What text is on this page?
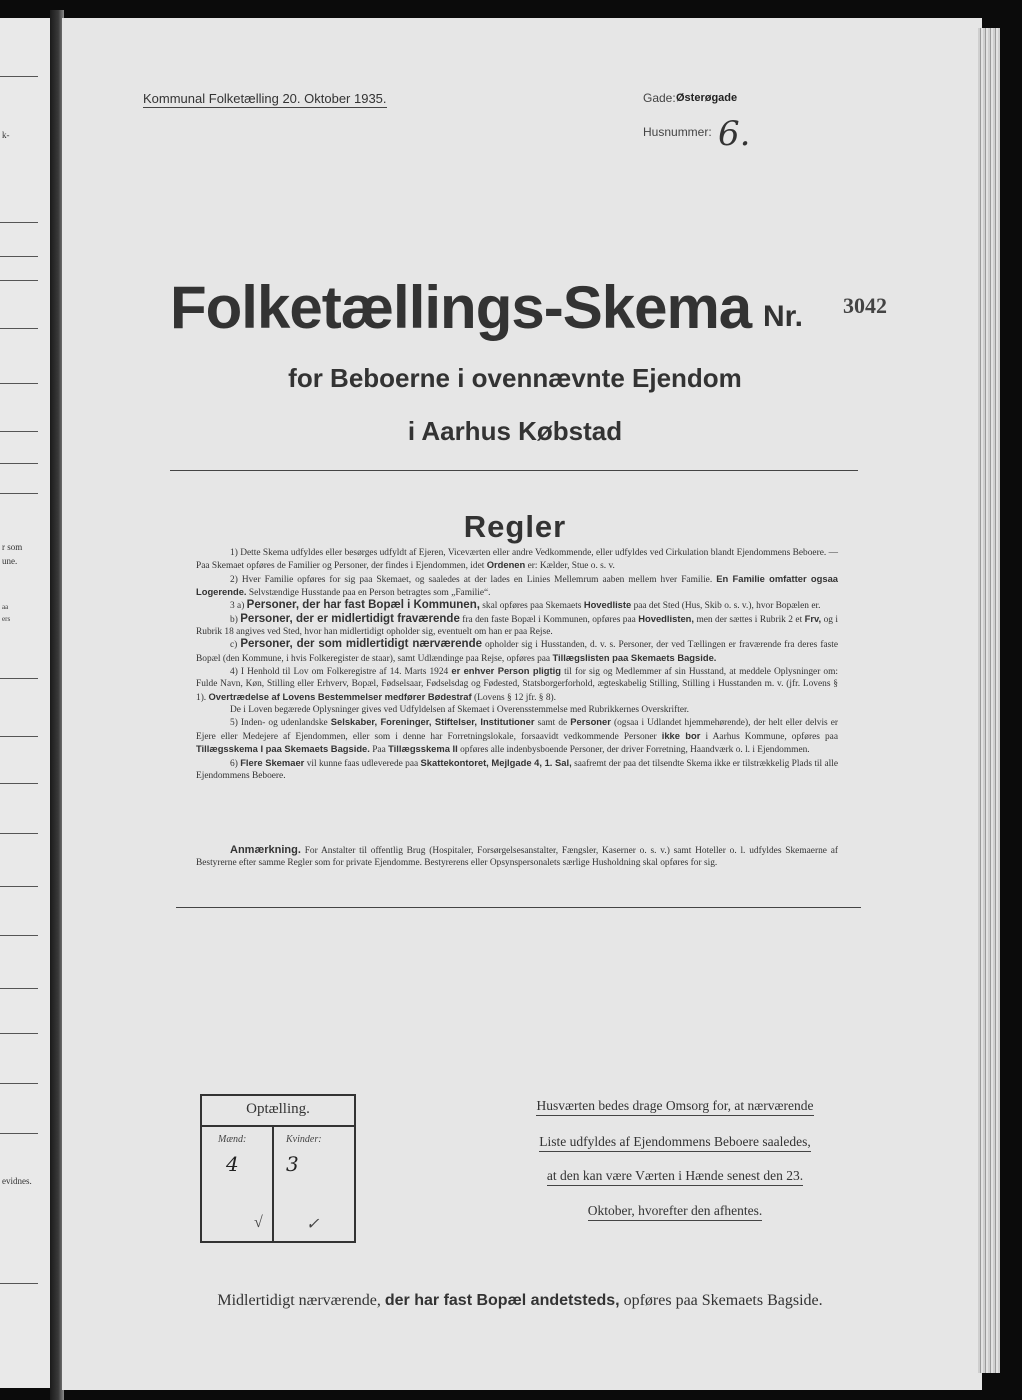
k-
r som
une.
aa
ers
evidnes.
Kommunal Folketælling 20. Oktober 1935.	Gade: Østerøgade
Husnummer: 6.
Folketællings-Skema Nr. 3042
for Beboerne i ovennævnte Ejendom
i Aarhus Købstad
Regler

1) Dette Skema udfyldes eller besørges udfyldt af Ejeren, Viceværten eller andre Vedkommende, eller udfyldes ved Cirkulation blandt Ejendommens Beboere. — Paa Skemaet opføres de Familier og Personer, der findes i Ejendommen, idet Ordenen er: Kælder, Stue o. s. v.

2) Hver Familie opføres for sig paa Skemaet, og saaledes at der lades en Linies Mellemrum aaben mellem hver Familie. En Familie omfatter ogsaa Logerende. Selvstændige Husstande paa en Person betragtes som „Familie“.

3 a) Personer, der har fast Bopæl i Kommunen, skal opføres paa Skemaets Hovedliste paa det Sted (Hus, Skib o. s. v.), hvor Bopælen er.

b) Personer, der er midlertidigt fraværende fra den faste Bopæl i Kommunen, opføres paa Hovedlisten, men der sættes i Rubrik 2 et Frv, og i Rubrik 18 angives ved Sted, hvor han midlertidigt opholder sig, eventuelt om han er paa Rejse.

c) Personer, der som midlertidigt nærværende opholder sig i Husstanden, d. v. s. Personer, der ved Tællingen er fraværende fra deres faste Bopæl (den Kommune, i hvis Folkeregister de staar), samt Udlændinge paa Rejse, opføres paa Tillægslisten paa Skemaets Bagside.

4) I Henhold til Lov om Folkeregistre af 14. Marts 1924 er enhver Person pligtig til for sig og Medlemmer af sin Husstand, at meddele Oplysninger om: Fulde Navn, Køn, Stilling eller Erhverv, Bopæl, Fødselsaar, Fødselsdag og Fødested, Statsborgerforhold, ægteskabelig Stilling, Stilling i Husstanden m. v. (jfr. Lovens § 1). Overtrædelse af Lovens Bestemmelser medfører Bødestraf (Lovens § 12 jfr. § 8).

De i Loven begærede Oplysninger gives ved Udfyldelsen af Skemaet i Overensstemmelse med Rubrikkernes Overskrifter.

5) Inden- og udenlandske Selskaber, Foreninger, Stiftelser, Institutioner samt de Personer (ogsaa i Udlandet hjemmehørende), der helt eller delvis er Ejere eller Medejere af Ejendommen, eller som i denne har Forretningslokale, forsaavidt vedkommende Personer ikke bor i Aarhus Kommune, opføres paa Tillægsskema I paa Skemaets Bagside. Paa Tillægsskema II opføres alle indenbysboende Personer, der driver Forretning, Haandværk o. l. i Ejendommen.

6) Flere Skemaer vil kunne faas udleverede paa Skattekontoret, Mejlgade 4, 1. Sal, saafremt der paa det tilsendte Skema ikke er tilstrækkelig Plads til alle Ejendommens Beboere.

Anmærkning. For Anstalter til offentlig Brug (Hospitaler, Forsørgelsesanstalter, Fængsler, Kaserner o. s. v.) samt Hoteller o. l. udfyldes Skemaerne af Bestyrerne efter samme Regler som for private Ejendomme. Bestyrerens eller Opsynspersonalets særlige Husholdning skal opføres for sig.

Optælling.
Mænd:	Kvinder:
4 3
√	✓
Husværten bedes drage Omsorg for, at nærværende
Liste udfyldes af Ejendommens Beboere saaledes,
at den kan være Værten i Hænde senest den 23.
Oktober, hvorefter den afhentes.
Midlertidigt nærværende, der har fast Bopæl andetsteds, opføres paa Skemaets Bagside.
